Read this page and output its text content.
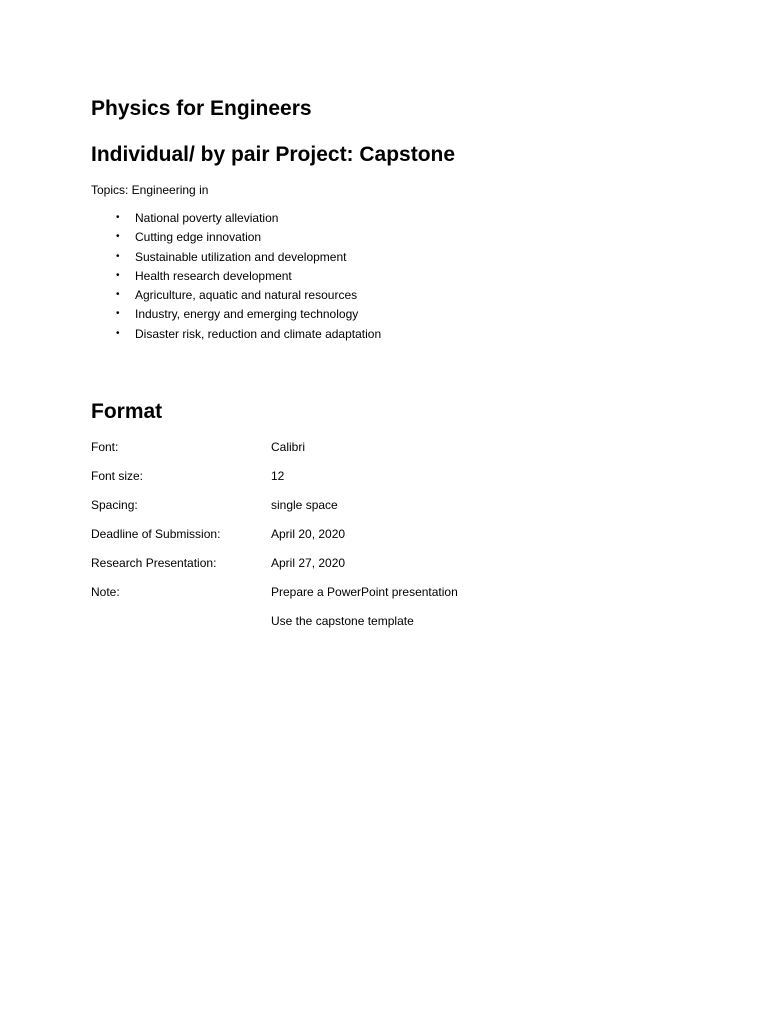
Physics for Engineers
Individual/ by pair Project: Capstone
Topics: Engineering in
• National poverty alleviation
• Cutting edge innovation
• Sustainable utilization and development
• Health research development
• Agriculture, aquatic and natural resources
• Industry, energy and emerging technology
• Disaster risk, reduction and climate adaptation
Format
Font:	Calibri
Font size:	12
Spacing:	single space
Deadline of Submission:	April 20, 2020
Research Presentation:	April 27, 2020
Note:	Prepare a PowerPoint presentation
Use the capstone template
